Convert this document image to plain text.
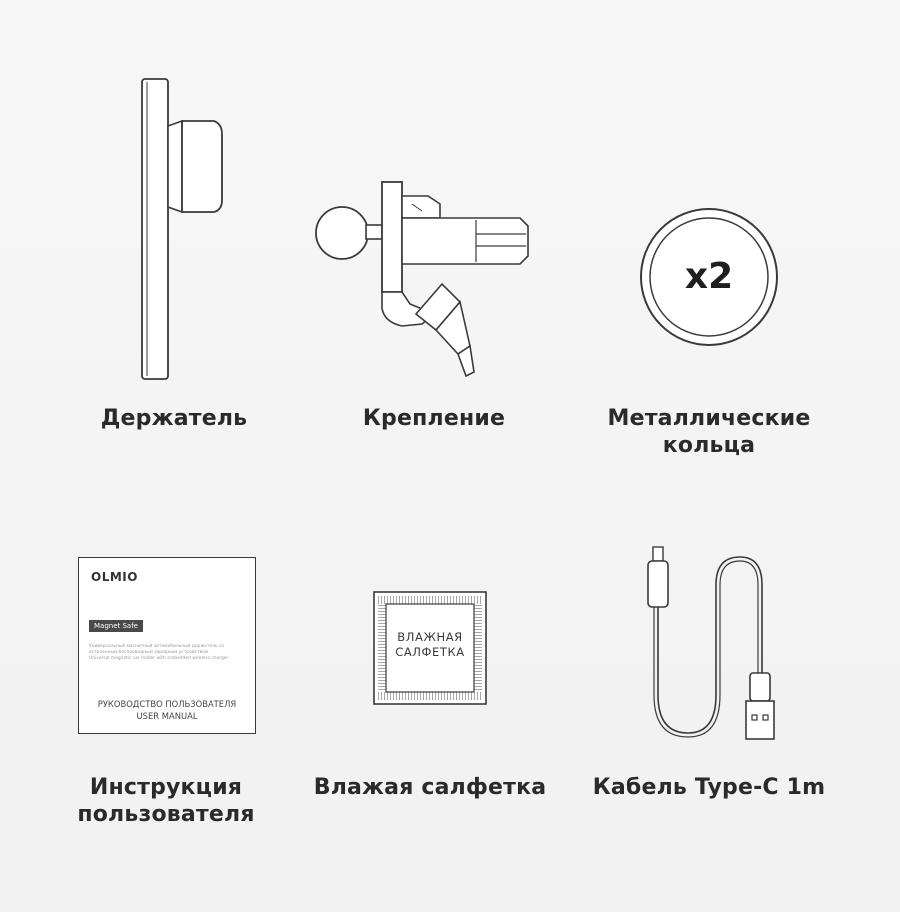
Держатель	Крепление
x2
Металлические
кольца
OLMIO
Magnet Safe
Универсальный магнитный автомобильный держатель со встроенным беспроводным зарядным устройством
Universal magnetic car holder with embedded wireless charger
РУКОВОДСТВО ПОЛЬЗОВАТЕЛЯ
USER MANUAL
Инструкция
пользователя
ВЛАЖНАЯ
САЛФЕТКА
Влажая салфетка	Кабель Type-C 1m
